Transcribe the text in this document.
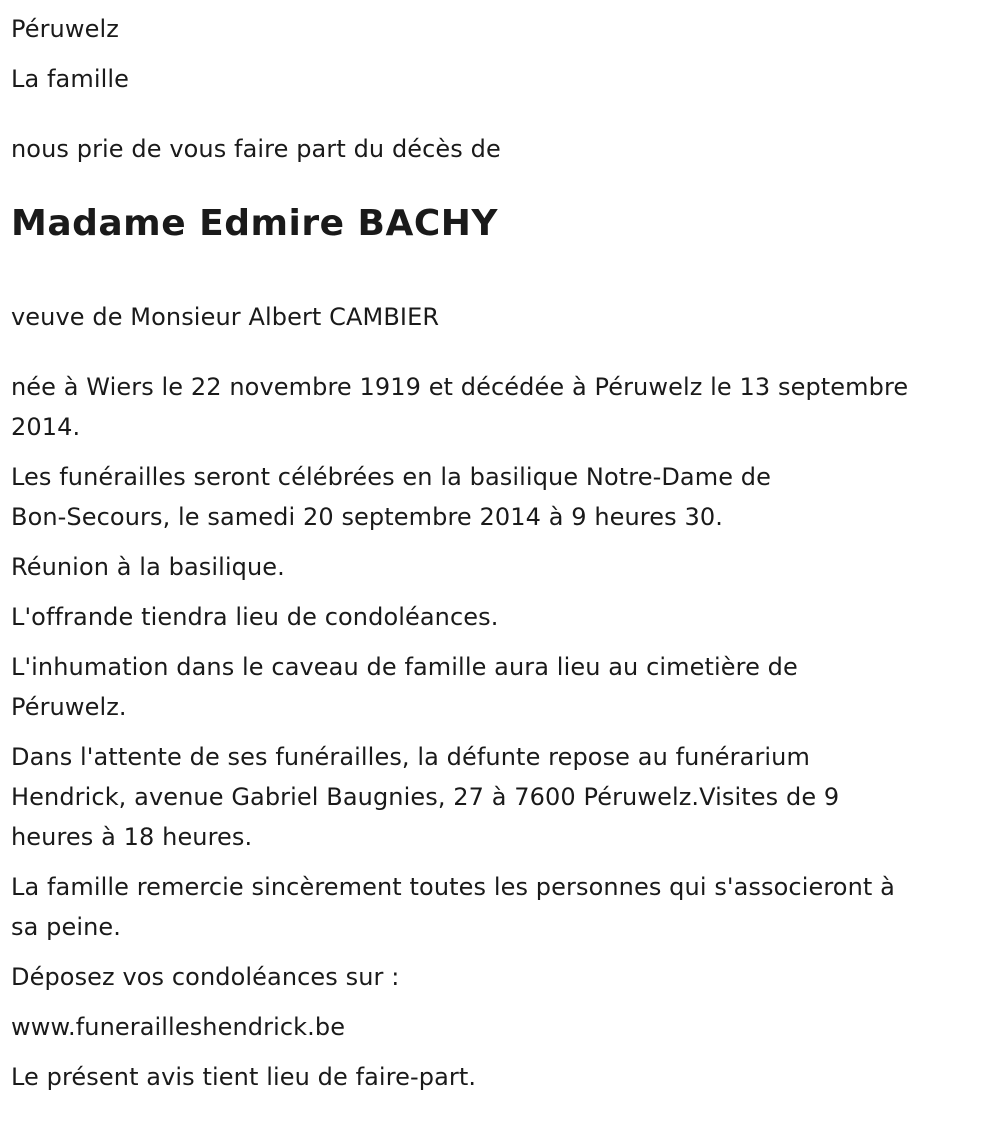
Péruwelz

La famille

nous prie de vous faire part du décès de

Madame Edmire BACHY

veuve de Monsieur Albert CAMBIER

née à Wiers le 22 novembre 1919 et décédée à Péruwelz le 13 septembre

2014.

Les funérailles seront célébrées en la basilique Notre-Dame de

Bon-Secours, le samedi 20 septembre 2014 à 9 heures 30.

Réunion à la basilique.

L'offrande tiendra lieu de condoléances.

L'inhumation dans le caveau de famille aura lieu au cimetière de

Péruwelz.

Dans l'attente de ses funérailles, la défunte repose au funérarium

Hendrick, avenue Gabriel Baugnies, 27 à 7600 Péruwelz.Visites de 9

heures à 18 heures.

La famille remercie sincèrement toutes les personnes qui s'associeront à

sa peine.

Déposez vos condoléances sur :

www.funerailleshendrick.be

Le présent avis tient lieu de faire-part.
